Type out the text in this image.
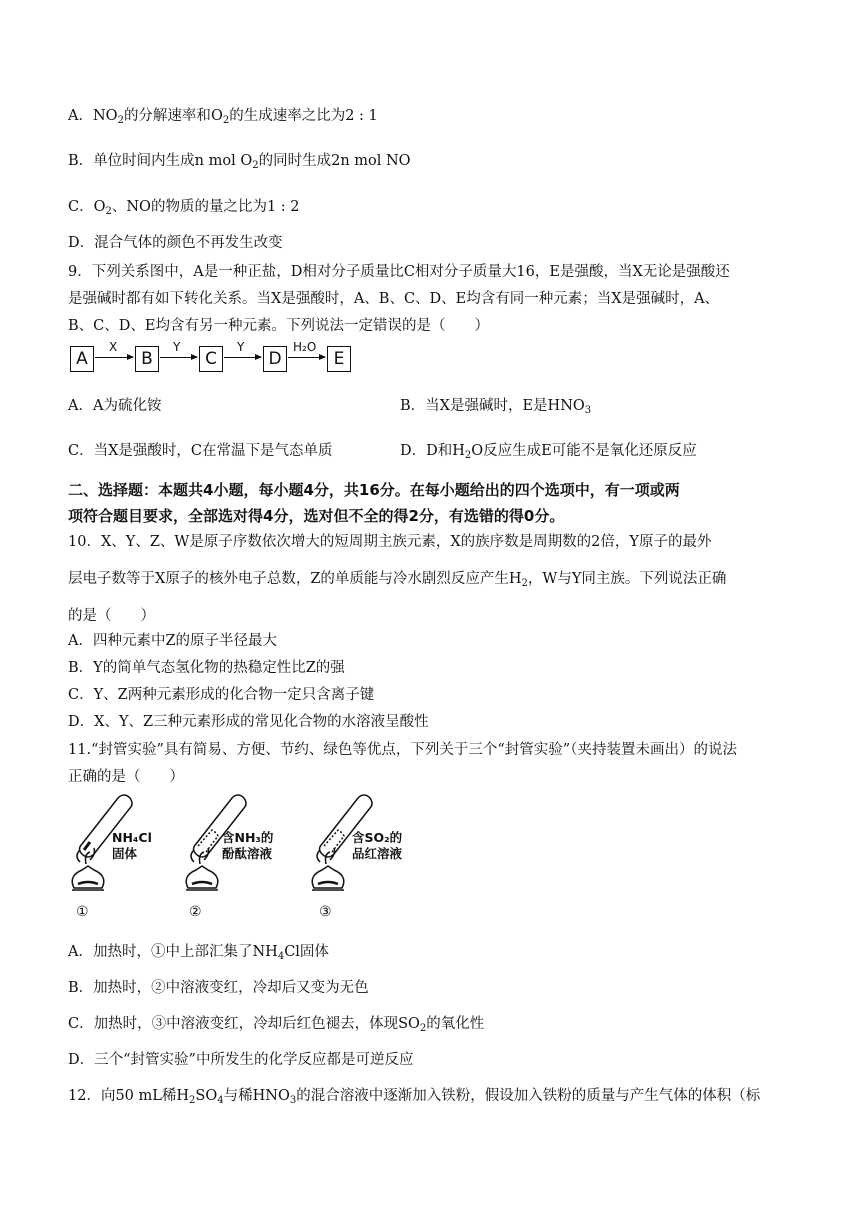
A．$NO_2$的分解速率和$O_2$的生成速率之比为2 : 1
B．单位时间内生成n mol $O_2$的同时生成2n mol NO
C．$O_2$、NO的物质的量之比为1 : 2
D．混合气体的颜色不再发生改变
9．下列关系图中，A是一种正盐，D相对分子质量比C相对分子质量大16，E是强酸，当X无论是强酸还
是强碱时都有如下转化关系。当X是强酸时，A、B、C、D、E均含有同一种元素；当X是强碱时，A、
B、C、D、E均含有另一种元素。下列说法一定错误的是（　　）
A	B	C	D	E
X	Y	Y	H₂O
A．A为硫化铵	B．当X是强碱时，E是$HNO_3$
C．当X是强酸时，C在常温下是气态单质	D．D和$H_2O$反应生成E可能不是氧化还原反应
二、选择题：本题共4小题，每小题4分，共16分。在每小题给出的四个选项中，有一项或两
项符合题目要求，全部选对得4分，选对但不全的得2分，有选错的得0分。
10．X、Y、Z、W是原子序数依次增大的短周期主族元素，X的族序数是周期数的2倍，Y原子的最外
层电子数等于X原子的核外电子总数，Z的单质能与冷水剧烈反应产生$H_2$，W与Y同主族。下列说法正确
的是（　　）
A．四种元素中Z的原子半径最大
B．Y的简单气态氢化物的热稳定性比Z的强
C．Y、Z两种元素形成的化合物一定只含离子键
D．X、Y、Z三种元素形成的常见化合物的水溶液呈酸性
11.“封管实验”具有简易、方便、节约、绿色等优点，下列关于三个“封管实验”（夹持装置未画出）的说法
正确的是（　　）
NH₄Cl
固体
含NH₃的
酚酞溶液
含SO₂的
品红溶液
①	②	③
A．加热时，①中上部汇集了$NH_4Cl$固体
B．加热时，②中溶液变红，冷却后又变为无色
C．加热时，③中溶液变红，冷却后红色褪去，体现$SO_2$的氧化性
D．三个“封管实验”中所发生的化学反应都是可逆反应
12．向50 mL稀$H_2SO_4$与稀$HNO_3$的混合溶液中逐渐加入铁粉，假设加入铁粉的质量与产生气体的体积（标
